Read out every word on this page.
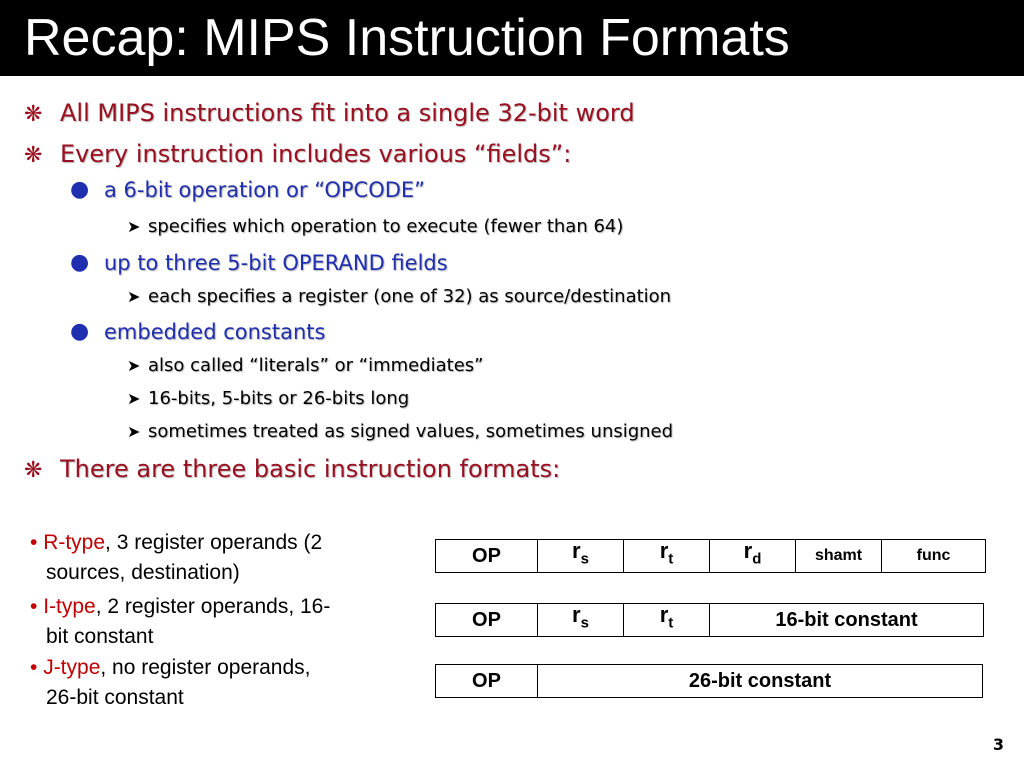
Recap: MIPS Instruction Formats
❋ All MIPS instructions fit into a single 32-bit word
❋ Every instruction includes various “fields”:
● a 6-bit operation or “OPCODE”
➤ specifies which operation to execute (fewer than 64)
● up to three 5-bit OPERAND fields
➤ each specifies a register (one of 32) as source/destination
● embedded constants
➤ also called “literals” or “immediates”
➤ 16-bits, 5-bits or 26-bits long
➤ sometimes treated as signed values, sometimes unsigned
❋ There are three basic instruction formats:
• R-type, 3 register operands (2
sources, destination)
• I-type, 2 register operands, 16-
bit constant
• J-type, no register operands,
26-bit constant
OP	$r_s$	$r_t$	$r_d$	shamt	func
OP	$r_s$	$r_t$	16-bit constant
OP	26-bit constant
3
